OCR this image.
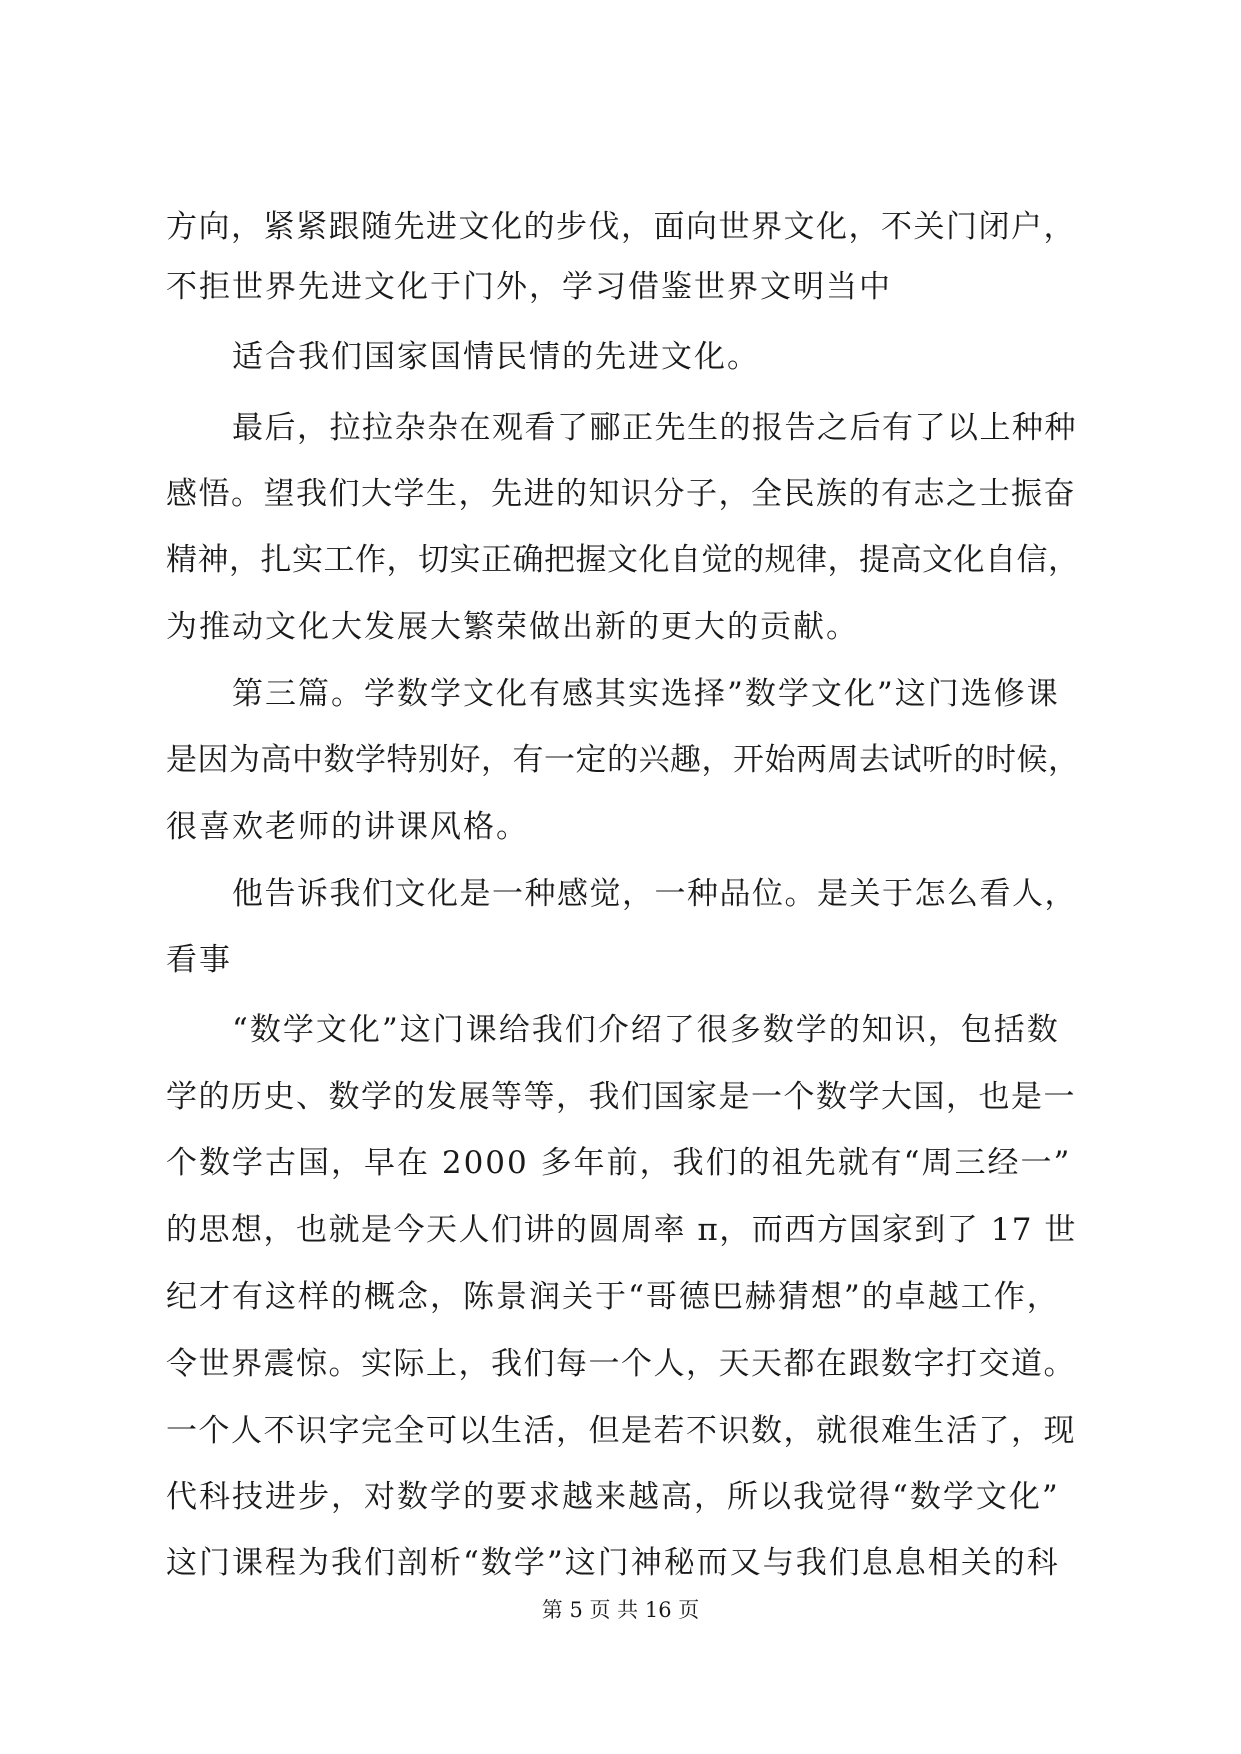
方向，紧紧跟随先进文化的步伐，面向世界文化，不关门闭户，
不拒世界先进文化于门外，学习借鉴世界文明当中
适合我们国家国情民情的先进文化。
最后，拉拉杂杂在观看了郦正先生的报告之后有了以上种种
感悟。望我们大学生，先进的知识分子，全民族的有志之士振奋
精神，扎实工作，切实正确把握文化自觉的规律，提高文化自信，
为推动文化大发展大繁荣做出新的更大的贡献。
第三篇。学数学文化有感其实选择”数学文化”这门选修课
是因为高中数学特别好，有一定的兴趣，开始两周去试听的时候，
很喜欢老师的讲课风格。
他告诉我们文化是一种感觉，一种品位。是关于怎么看人，
看事
“数学文化”这门课给我们介绍了很多数学的知识，包括数
学的历史、数学的发展等等，我们国家是一个数学大国，也是一
个数学古国，早在 2000 多年前，我们的祖先就有“周三经一”
的思想，也就是今天人们讲的圆周率 π，而西方国家到了 17 世
纪才有这样的概念，陈景润关于“哥德巴赫猜想”的卓越工作，
令世界震惊。实际上，我们每一个人，天天都在跟数字打交道。
一个人不识字完全可以生活，但是若不识数，就很难生活了，现
代科技进步，对数学的要求越来越高，所以我觉得“数学文化”
这门课程为我们剖析“数学”这门神秘而又与我们息息相关的科
第 5 页 共 16 页
